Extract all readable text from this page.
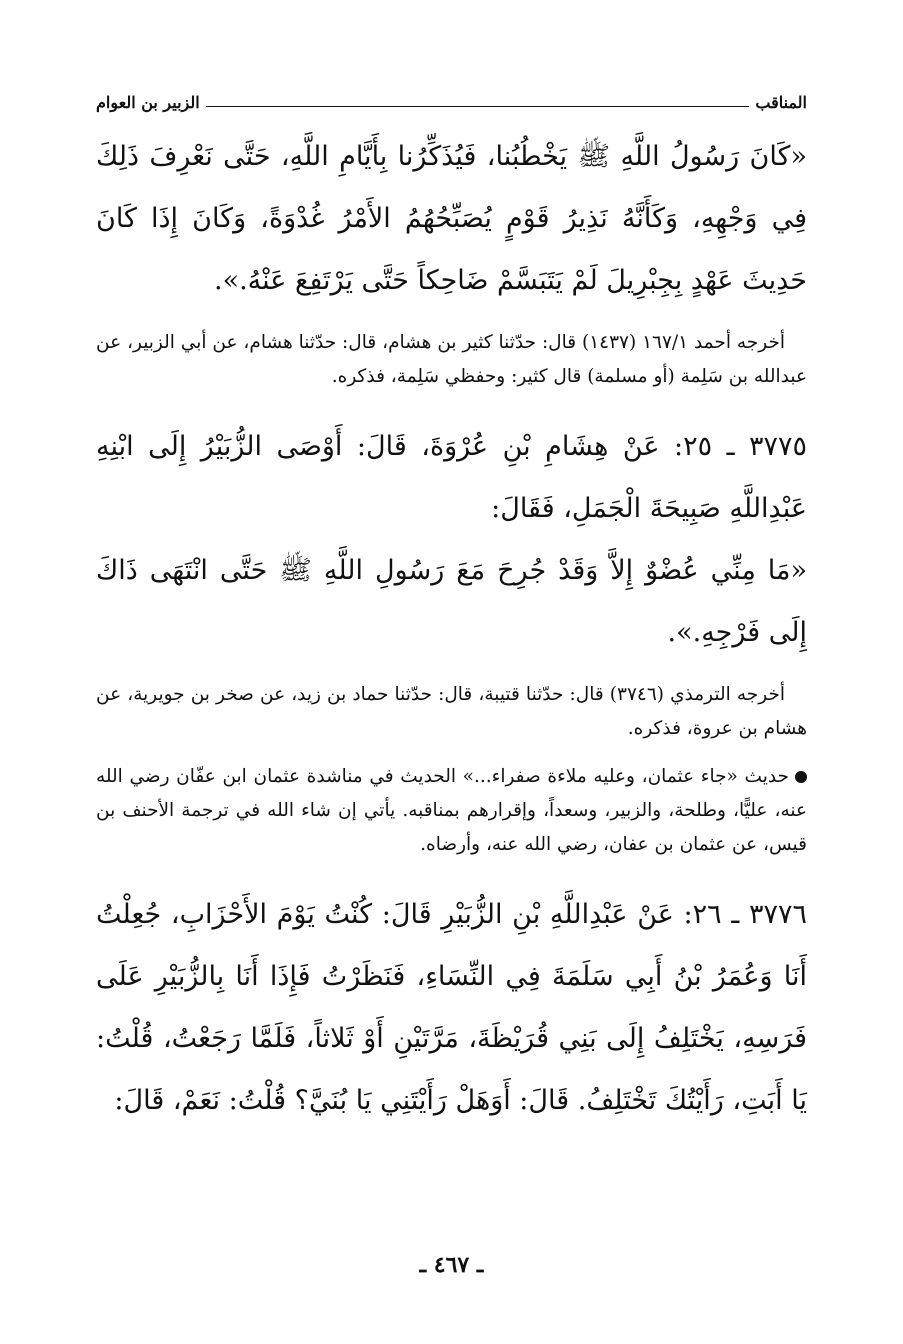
المناقب
الزبير بن العوام

«كَانَ رَسُولُ اللَّهِ ﷺ يَخْطُبُنا، فَيُذَكِّرُنا بِأَيَّامِ اللَّهِ، حَتَّى نَعْرِفَ ذَلِكَ فِي وَجْهِهِ، وَكَأَنَّهُ نَذِيرُ قَوْمٍ يُصَبِّحُهُمُ الأَمْرُ غُدْوَةً، وَكَانَ إِذَا كَانَ حَدِيثَ عَهْدٍ بِجِبْرِيلَ لَمْ يَتَبَسَّمْ ضَاحِكاً حَتَّى يَرْتَفِعَ عَنْهُ.».

أخرجه أحمد ١٦٧/١ (١٤٣٧) قال: حدّثنا كثير بن هشام، قال: حدّثنا هشام، عن أبي الزبير، عن عبدالله بن سَلِمة (أو مسلمة) قال كثير: وحفظي سَلِمة، فذكره.

٣٧٧٥ ـ ٢٥: عَنْ هِشَامِ بْنِ عُرْوَةَ، قَالَ: أَوْصَى الزُّبَيْرُ إِلَى ابْنِهِ عَبْدِاللَّهِ صَبِيحَةَ الْجَمَلِ، فَقَالَ:

«مَا مِنِّي عُضْوٌ إِلاَّ وَقَدْ جُرِحَ مَعَ رَسُولِ اللَّهِ ﷺ حَتَّى انْتَهَى ذَاكَ إِلَى فَرْجِهِ.».

أخرجه الترمذي (٣٧٤٦) قال: حدّثنا قتيبة، قال: حدّثنا حماد بن زيد، عن صخر بن جويرية، عن هشام بن عروة، فذكره.

حديث «جاء عثمان، وعليه ملاءة صفراء...» الحديث في مناشدة عثمان ابن عفّان رضي الله عنه، عليًّا، وطلحة، والزبير، وسعداً، وإقرارهم بمناقبه. يأتي إن شاء الله في ترجمة الأحنف بن قيس، عن عثمان بن عفان، رضي الله عنه، وأرضاه.

٣٧٧٦ ـ ٢٦: عَنْ عَبْدِاللَّهِ بْنِ الزُّبَيْرِ قَالَ: كُنْتُ يَوْمَ الأَحْزَابِ، جُعِلْتُ أَنَا وَعُمَرُ بْنُ أَبِي سَلَمَةَ فِي النِّسَاءِ، فَنَظَرْتُ فَإِذَا أَنَا بِالزُّبَيْرِ عَلَى فَرَسِهِ، يَخْتَلِفُ إِلَى بَنِي قُرَيْظَةَ، مَرَّتَيْنِ أَوْ ثَلاثاً، فَلَمَّا رَجَعْتُ، قُلْتُ: يَا أَبَتِ، رَأَيْتُكَ تَخْتَلِفُ. قَالَ: أَوَهَلْ رَأَيْتَنِي يَا بُنَيَّ؟ قُلْتُ: نَعَمْ، قَالَ:

ـ ٤٦٧ ـ
